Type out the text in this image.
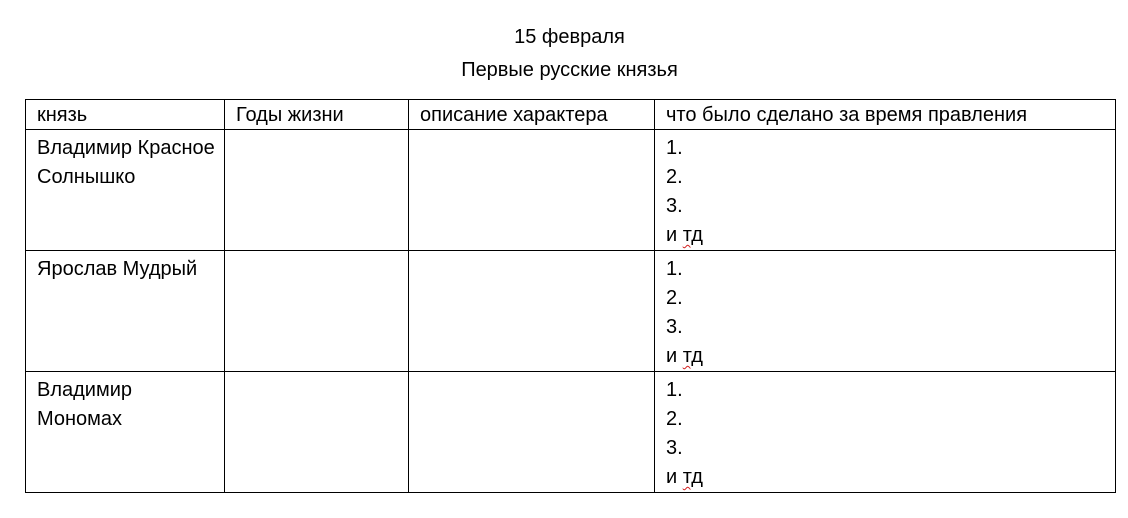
15 февраля
Первые русские князья
князь	Годы жизни	описание характера	что было сделано за время правления
Владимир Красное Солнышко			1.
2.
3.
и тд

Ярослав Мудрый			1.
2.
3.
и тд

Владимир Мономах			1.
2.
3.
и тд
